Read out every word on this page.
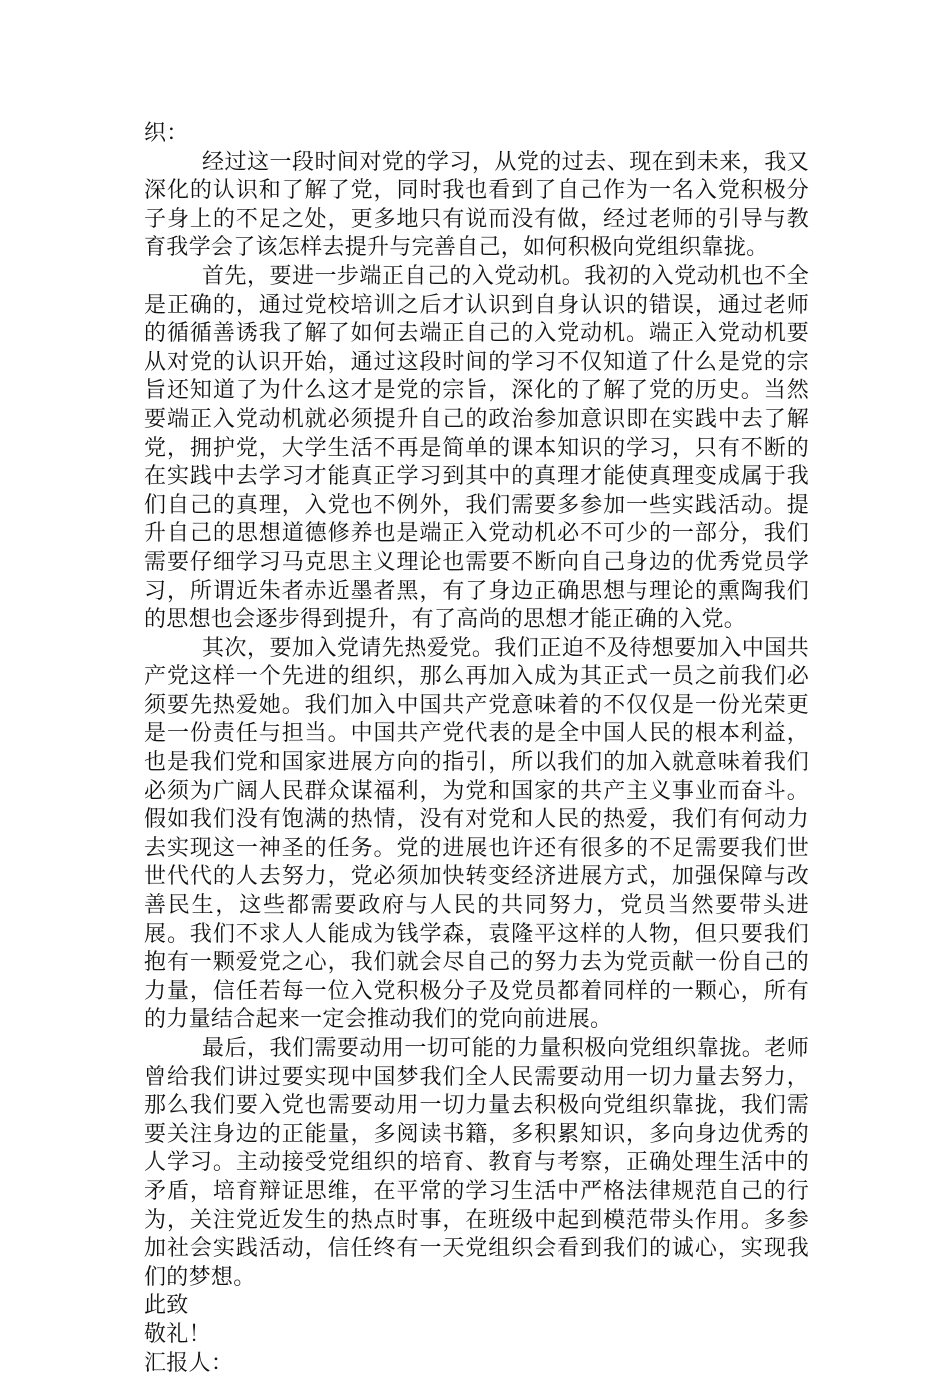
织：

经过这一段时间对党的学习，从党的过去、现在到未来，我又深化的认识和了解了党，同时我也看到了自己作为一名入党积极分子身上的不足之处，更多地只有说而没有做，经过老师的引导与教育我学会了该怎样去提升与完善自己，如何积极向党组织靠拢。

首先，要进一步端正自己的入党动机。我初的入党动机也不全是正确的，通过党校培训之后才认识到自身认识的错误，通过老师的循循善诱我了解了如何去端正自己的入党动机。端正入党动机要从对党的认识开始，通过这段时间的学习不仅知道了什么是党的宗旨还知道了为什么这才是党的宗旨，深化的了解了党的历史。当然要端正入党动机就必须提升自己的政治参加意识即在实践中去了解党，拥护党，大学生活不再是简单的课本知识的学习，只有不断的在实践中去学习才能真正学习到其中的真理才能使真理变成属于我们自己的真理，入党也不例外，我们需要多参加一些实践活动。提升自己的思想道德修养也是端正入党动机必不可少的一部分，我们需要仔细学习马克思主义理论也需要不断向自己身边的优秀党员学习，所谓近朱者赤近墨者黑，有了身边正确思想与理论的熏陶我们的思想也会逐步得到提升，有了高尚的思想才能正确的入党。

其次，要加入党请先热爱党。我们正迫不及待想要加入中国共产党这样一个先进的组织，那么再加入成为其正式一员之前我们必须要先热爱她。我们加入中国共产党意味着的不仅仅是一份光荣更是一份责任与担当。中国共产党代表的是全中国人民的根本利益，也是我们党和国家进展方向的指引，所以我们的加入就意味着我们必须为广阔人民群众谋福利，为党和国家的共产主义事业而奋斗。假如我们没有饱满的热情，没有对党和人民的热爱，我们有何动力去实现这一神圣的任务。党的进展也许还有很多的不足需要我们世世代代的人去努力，党必须加快转变经济进展方式，加强保障与改善民生，这些都需要政府与人民的共同努力，党员当然要带头进展。我们不求人人能成为钱学森，袁隆平这样的人物，但只要我们抱有一颗爱党之心，我们就会尽自己的努力去为党贡献一份自己的力量，信任若每一位入党积极分子及党员都着同样的一颗心，所有的力量结合起来一定会推动我们的党向前进展。

最后，我们需要动用一切可能的力量积极向党组织靠拢。老师曾给我们讲过要实现中国梦我们全人民需要动用一切力量去努力，那么我们要入党也需要动用一切力量去积极向党组织靠拢，我们需要关注身边的正能量，多阅读书籍，多积累知识，多向身边优秀的人学习。主动接受党组织的培育、教育与考察，正确处理生活中的矛盾，培育辩证思维，在平常的学习生活中严格法律规范自己的行为，关注党近发生的热点时事，在班级中起到模范带头作用。多参加社会实践活动，信任终有一天党组织会看到我们的诚心，实现我们的梦想。

此致

敬礼！

汇报人：
